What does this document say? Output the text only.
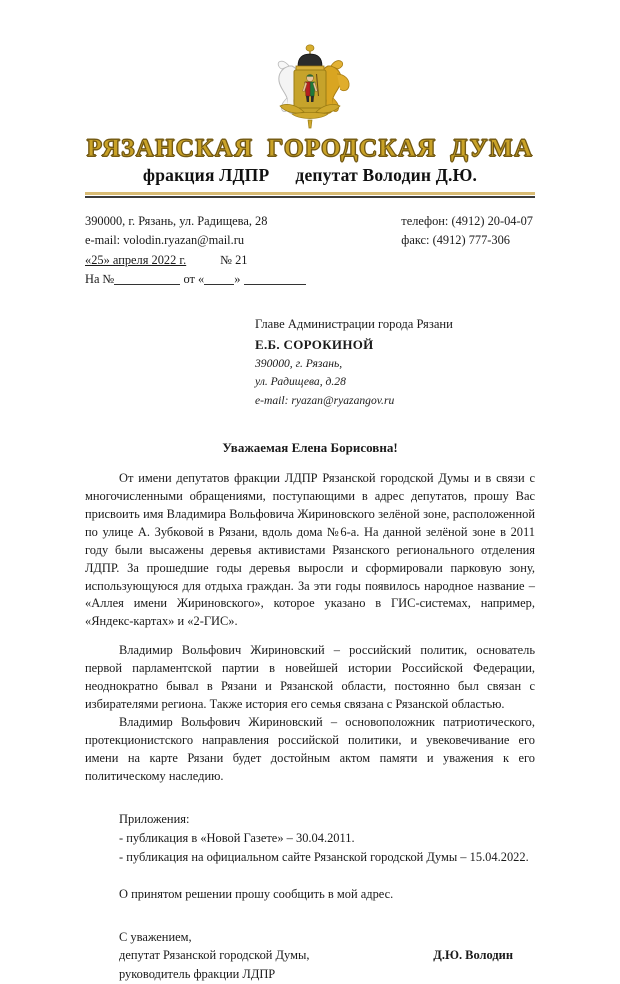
РЯЗАНСКАЯ ГОРОДСКАЯ ДУМА
фракция ЛДПР депутат Володин Д.Ю.
390000, г. Рязань, ул. Радищева, 28
e-mail: volodin.ryazan@mail.ru
«25» апреля 2022 г.	№ 21
На №	от « »
телефон: (4912) 20-04-07
факс: (4912) 777-306
Главе Администрации города Рязани
Е.Б. СОРОКИНОЙ
390000, г. Рязань,
ул. Радищева, д.28
e-mail: ryazan@ryazangov.ru
Уважаемая Елена Борисовна!

От имени депутатов фракции ЛДПР Рязанской городской Думы и в связи с многочисленными обращениями, поступающими в адрес депутатов, прошу Вас присвоить имя Владимира Вольфовича Жириновского зелёной зоне, расположенной по улице А. Зубковой в Рязани, вдоль дома №6-а. На данной зелёной зоне в 2011 году были высажены деревья активистами Рязанского регионального отделения ЛДПР. За прошедшие годы деревья выросли и сформировали парковую зону, использующуюся для отдыха граждан. За эти годы появилось народное название – «Аллея имени Жириновского», которое указано в ГИС-системах, например, «Яндекс-картах» и «2-ГИС».

Владимир Вольфович Жириновский – российский политик, основатель первой парламентской партии в новейшей истории Российской Федерации, неоднократно бывал в Рязани и Рязанской области, постоянно был связан с избирателями региона. Также история его семья связана с Рязанской областью.

Владимир Вольфович Жириновский – основоположник патриотического, протекционистского направления российской политики, и увековечивание его имени на карте Рязани будет достойным актом памяти и уважения к его политическому наследию.

Приложения:
- публикация в «Новой Газете» – 30.04.2011.
- публикация на официальном сайте Рязанской городской Думы – 15.04.2022.
О принятом решении прошу сообщить в мой адрес.
С уважением,
депутат Рязанской городской Думы,	Д.Ю. Володин
руководитель фракции ЛДПР
